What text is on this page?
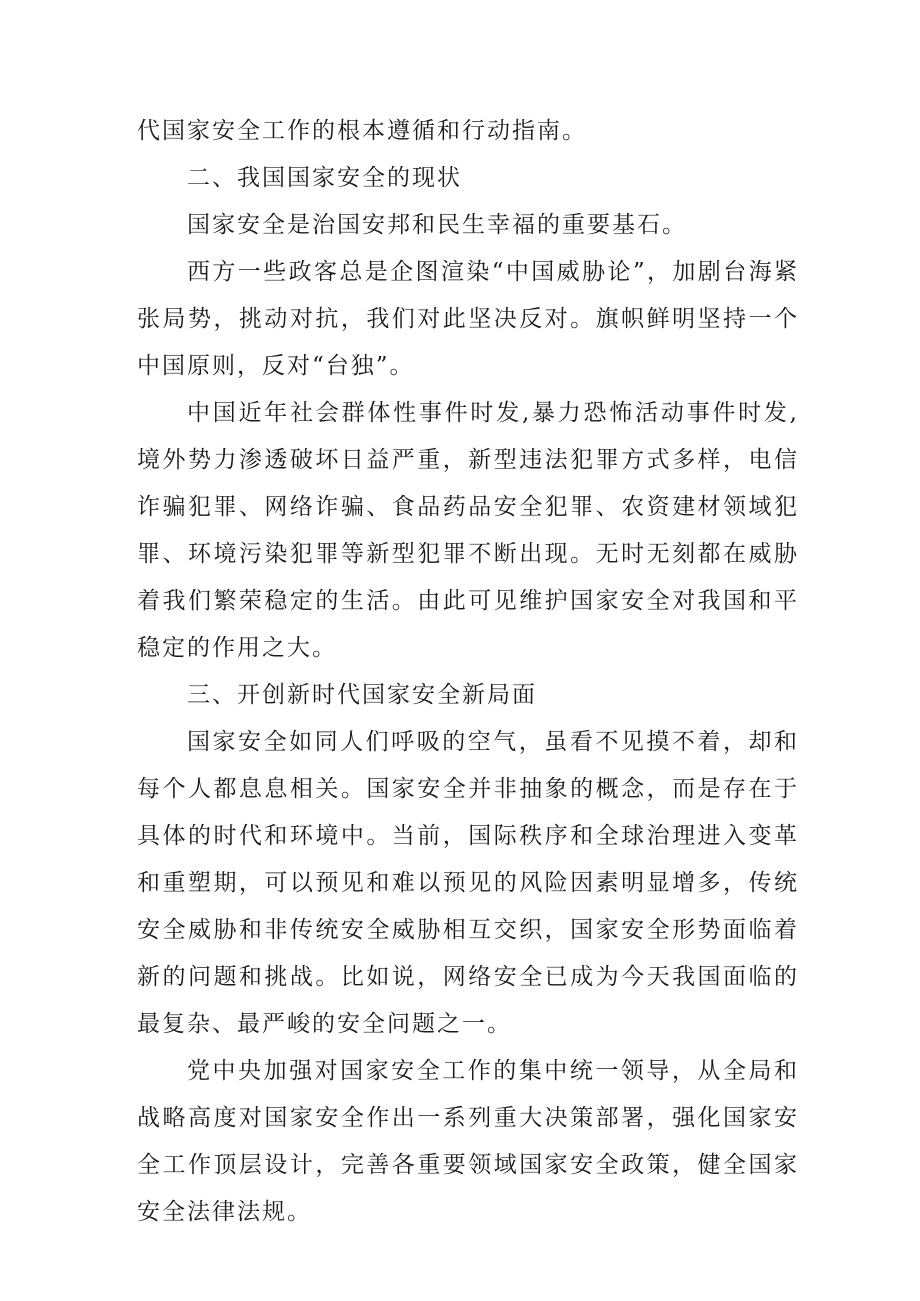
代国家安全工作的根本遵循和行动指南。

二、我国国家安全的现状

国家安全是治国安邦和民生幸福的重要基石。

西方一些政客总是企图渲染“中国威胁论”，加剧台海紧张局势，挑动对抗，我们对此坚决反对。旗帜鲜明坚持一个中国原则，反对“台独”。

中国近年社会群体性事件时发,暴力恐怖活动事件时发,境外势力渗透破坏日益严重，新型违法犯罪方式多样，电信诈骗犯罪、网络诈骗、食品药品安全犯罪、农资建材领域犯罪、环境污染犯罪等新型犯罪不断出现。无时无刻都在威胁着我们繁荣稳定的生活。由此可见维护国家安全对我国和平稳定的作用之大。

三、开创新时代国家安全新局面

国家安全如同人们呼吸的空气，虽看不见摸不着，却和每个人都息息相关。国家安全并非抽象的概念，而是存在于具体的时代和环境中。当前，国际秩序和全球治理进入变革和重塑期，可以预见和难以预见的风险因素明显增多，传统安全威胁和非传统安全威胁相互交织，国家安全形势面临着新的问题和挑战。比如说，网络安全已成为今天我国面临的最复杂、最严峻的安全问题之一。

党中央加强对国家安全工作的集中统一领导，从全局和战略高度对国家安全作出一系列重大决策部署，强化国家安全工作顶层设计，完善各重要领域国家安全政策，健全国家安全法律法规。
